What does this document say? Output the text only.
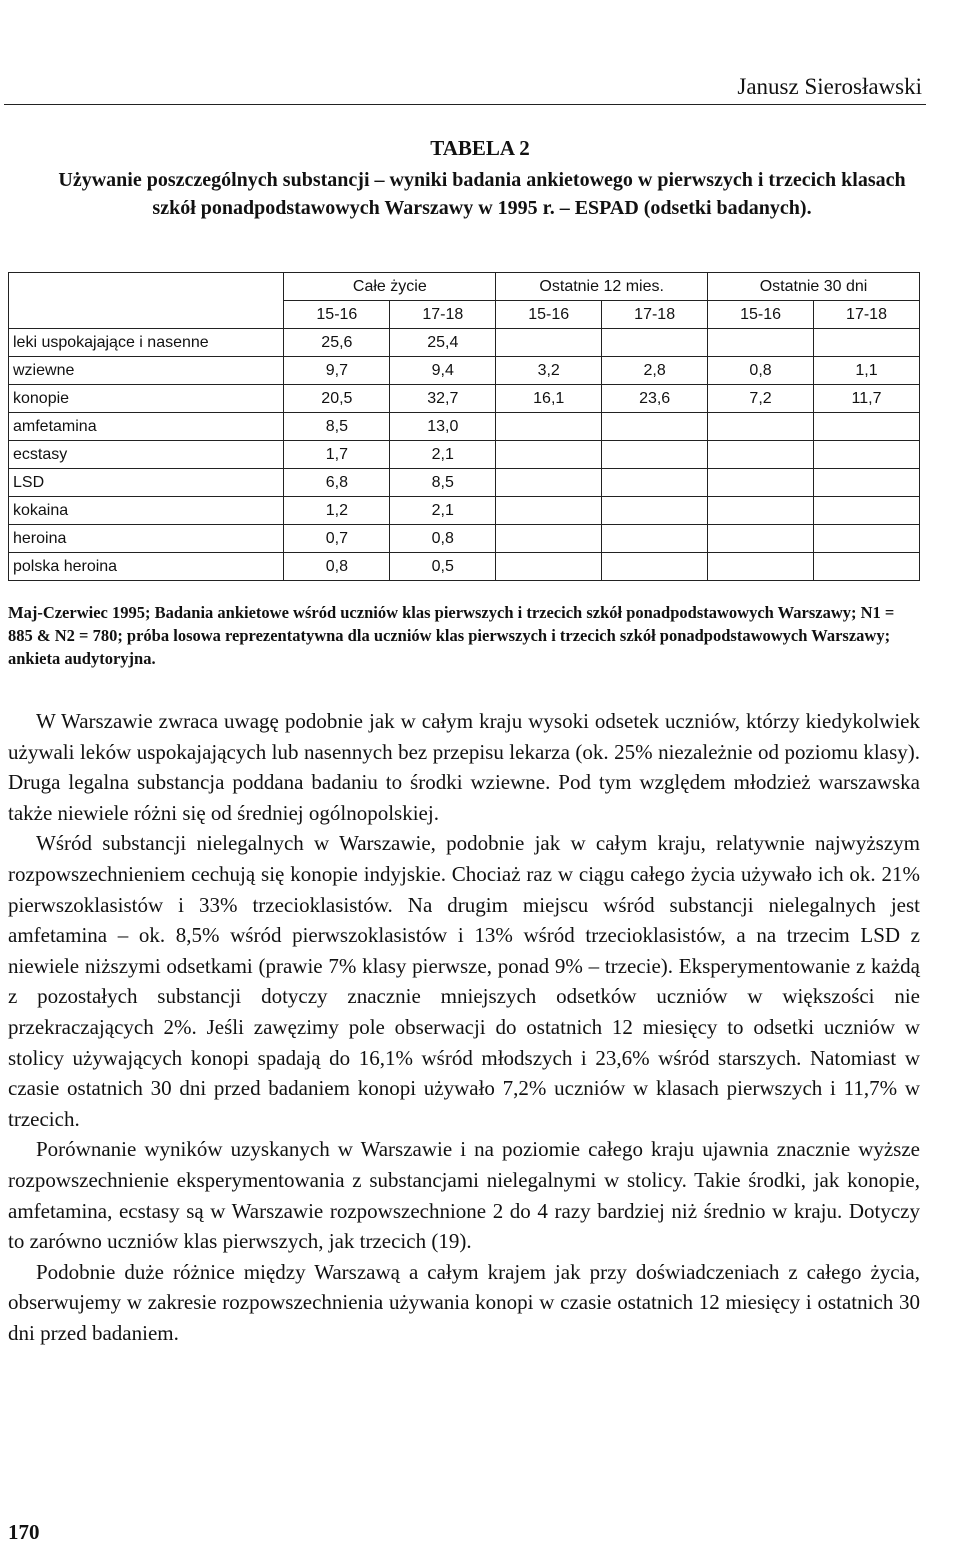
Janusz Sierosławski
TABELA 2
Używanie poszczególnych substancji – wyniki badania ankietowego w pierwszych i trzecich klasach szkół ponadpodstawowych Warszawy w 1995 r. – ESPAD (odsetki badanych).
	Całe życie		Ostatnie 12 mies.		Ostatnie 30 dni	
	15-16	17-18	15-16	17-18	15-16	17-18
leki uspokajające i nasenne	25,6	25,4				
wziewne	9,7	9,4	3,2	2,8	0,8	1,1
konopie	20,5	32,7	16,1	23,6	7,2	11,7
amfetamina	8,5	13,0				
ecstasy	1,7	2,1				
LSD	6,8	8,5				
kokaina	1,2	2,1				
heroina	0,7	0,8				
polska heroina	0,8	0,5				
Maj-Czerwiec 1995; Badania ankietowe wśród uczniów klas pierwszych i trzecich szkół ponadpodstawowych Warszawy; N1 = 885 & N2 = 780; próba losowa reprezentatywna dla uczniów klas pierwszych i trzecich szkół ponadpodstawowych Warszawy; ankieta audytoryjna.

W Warszawie zwraca uwagę podobnie jak w całym kraju wysoki odsetek uczniów, którzy kiedykolwiek używali leków uspokajających lub nasennych bez przepisu lekarza (ok. 25% niezależnie od poziomu klasy). Druga legalna substancja poddana badaniu to środki wziewne. Pod tym względem młodzież warszawska także niewiele różni się od średniej ogólnopolskiej.

Wśród substancji nielegalnych w Warszawie, podobnie jak w całym kraju, relatywnie najwyższym rozpowszechnieniem cechują się konopie indyjskie. Chociaż raz w ciągu całego życia używało ich ok. 21% pierwszoklasistów i 33% trzecioklasistów. Na drugim miejscu wśród substancji nielegalnych jest amfetamina – ok. 8,5% wśród pierwszoklasistów i 13% wśród trzecioklasistów, a na trzecim LSD z niewiele niższymi odsetkami (prawie 7% klasy pierwsze, ponad 9% – trzecie). Eksperymentowanie z każdą z pozostałych substancji dotyczy znacznie mniejszych odsetków uczniów w większości nie przekraczających 2%. Jeśli zawęzimy pole obserwacji do ostatnich 12 miesięcy to odsetki uczniów w stolicy używających konopi spadają do 16,1% wśród młodszych i 23,6% wśród starszych. Natomiast w czasie ostatnich 30 dni przed badaniem konopi używało 7,2% uczniów w klasach pierwszych i 11,7% w trzecich.

Porównanie wyników uzyskanych w Warszawie i na poziomie całego kraju ujawnia znacznie wyższe rozpowszechnienie eksperymentowania z substancjami nielegalnymi w stolicy. Takie środki, jak konopie, amfetamina, ecstasy są w Warszawie rozpowszechnione 2 do 4 razy bardziej niż średnio w kraju. Dotyczy to zarówno uczniów klas pierwszych, jak trzecich (19).

Podobnie duże różnice między Warszawą a całym krajem jak przy doświadczeniach z całego życia, obserwujemy w zakresie rozpowszechnienia używania konopi w czasie ostatnich 12 miesięcy i ostatnich 30 dni przed badaniem.

170
